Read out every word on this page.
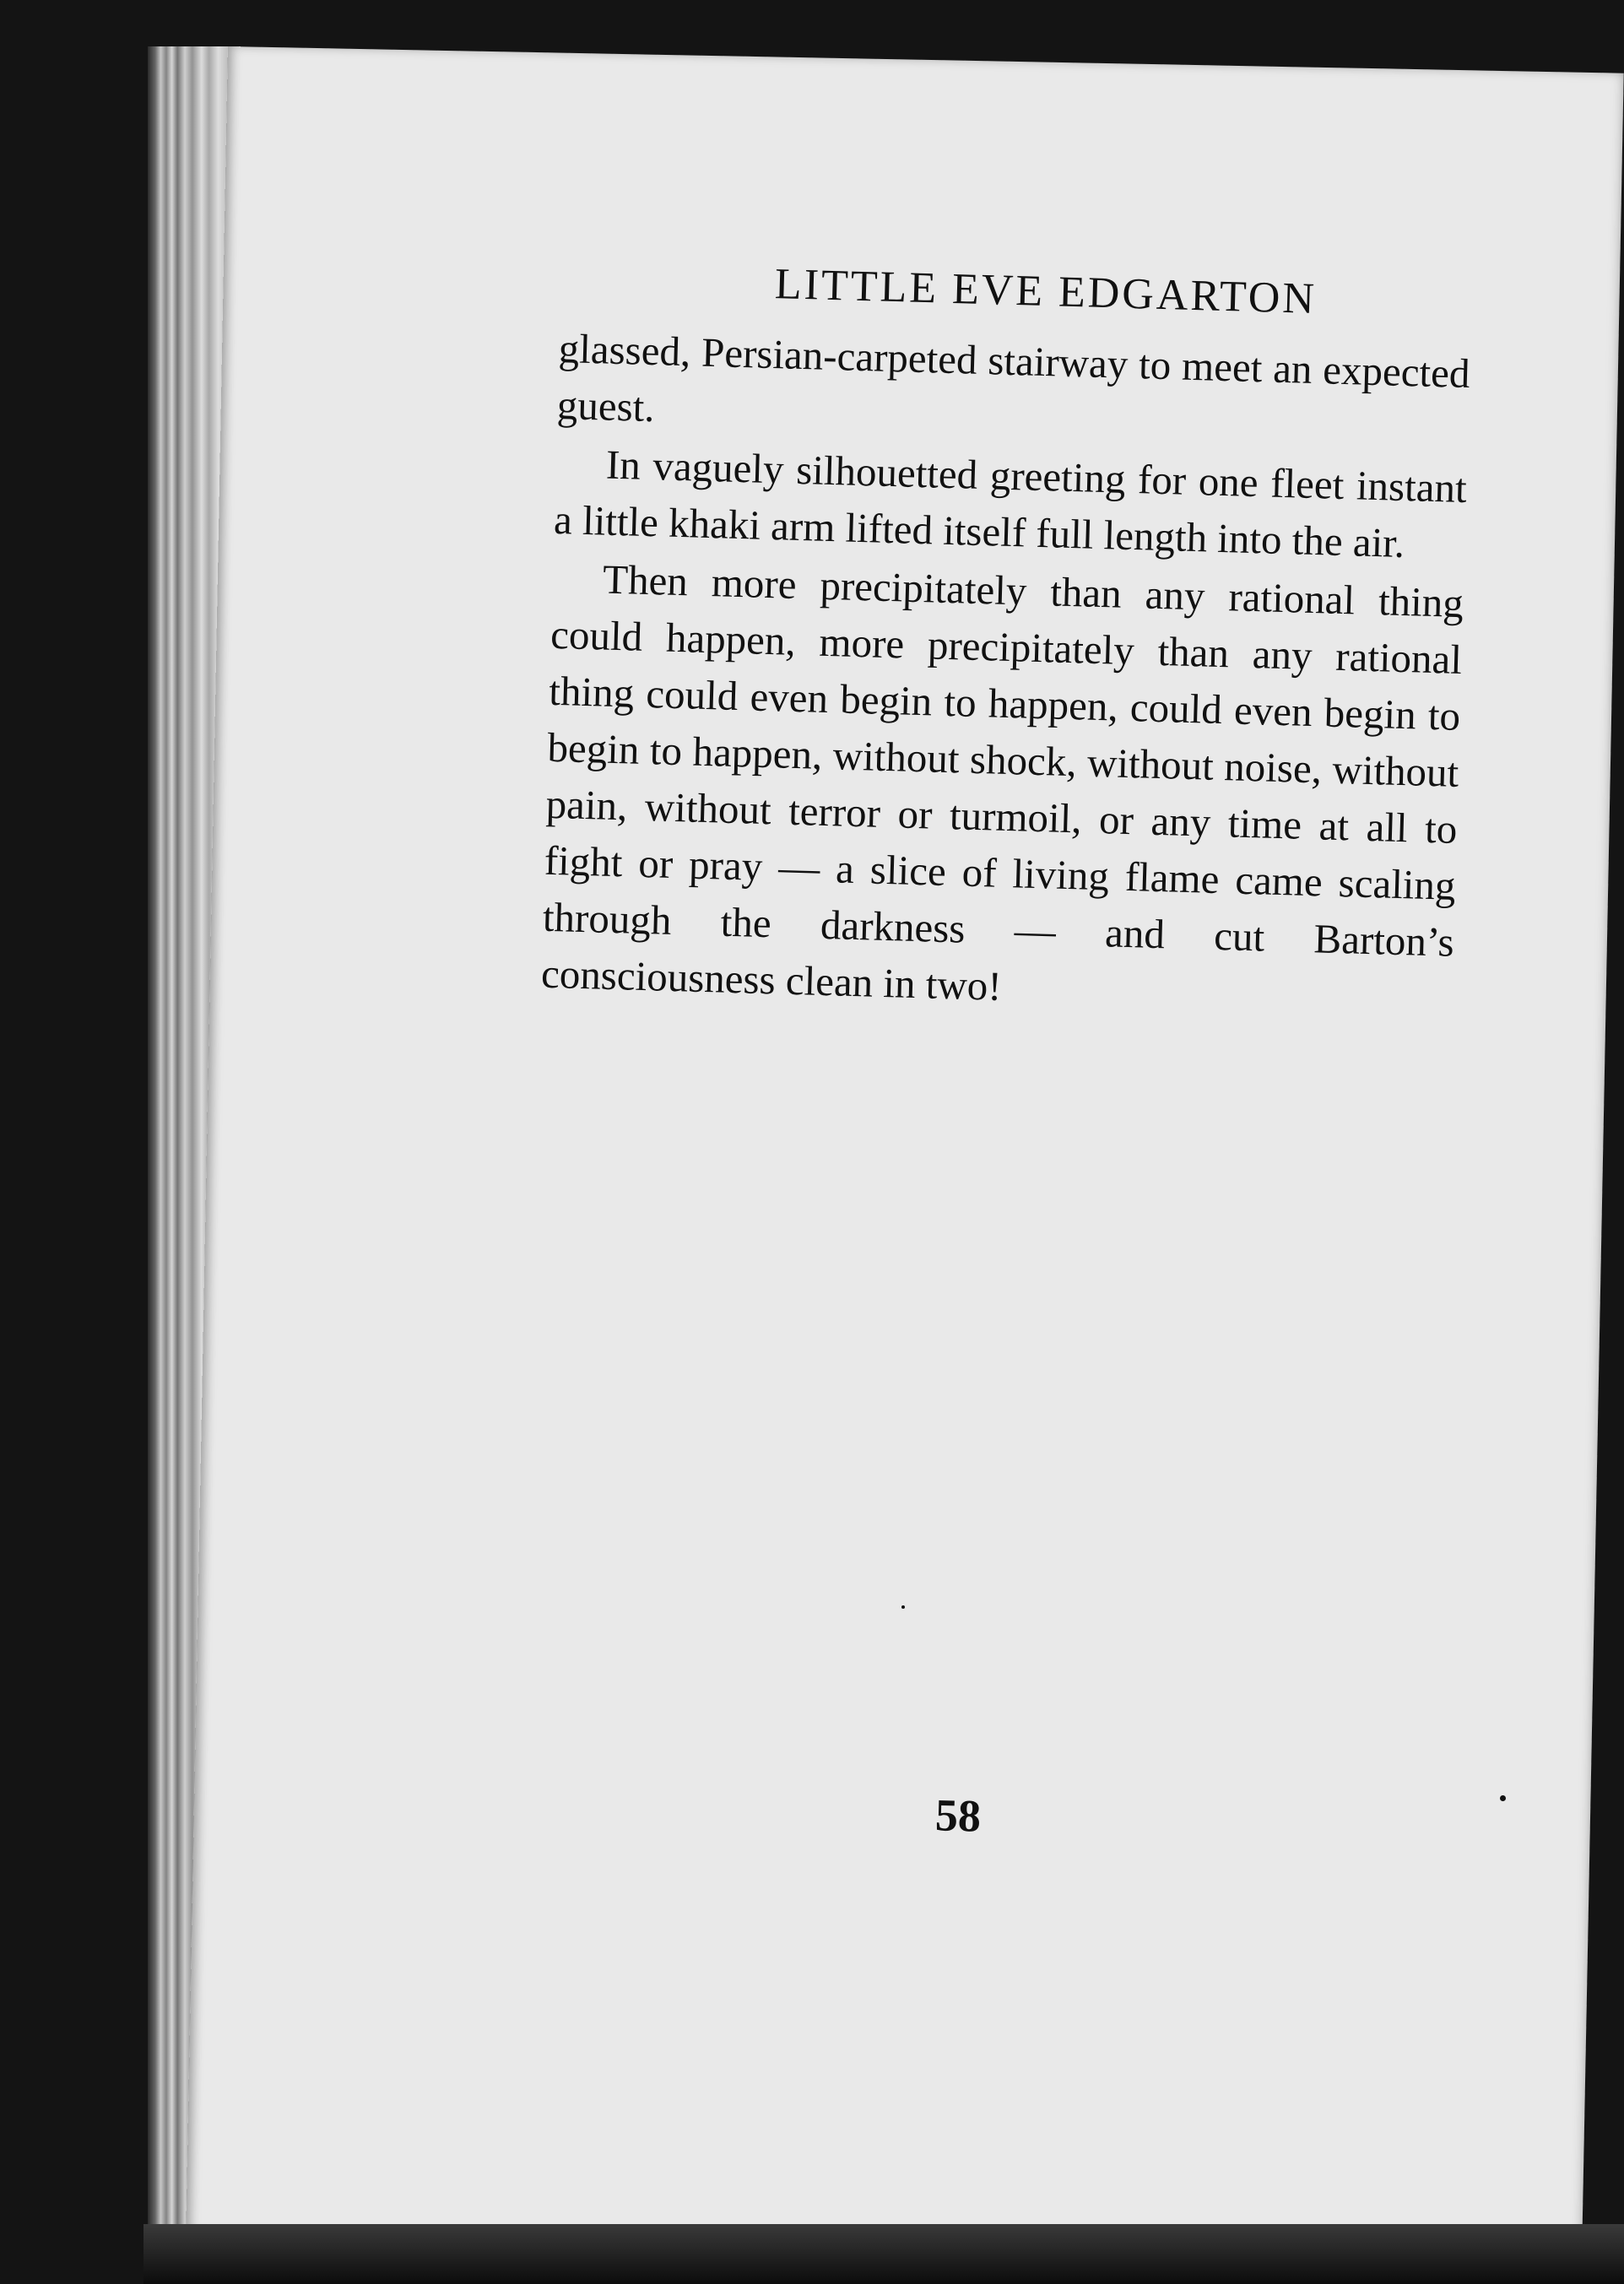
LITTLE EVE EDGARTON

glassed, Persian-carpeted stairway to meet an expected guest.

In vaguely silhouetted greeting for one fleet instant a little khaki arm lifted itself full length into the air.

Then more precipitately than any rational thing could happen, more precipitately than any rational thing could even begin to happen, could even begin to begin to happen, without shock, without noise, without pain, without terror or turmoil, or any time at all to fight or pray — a slice of living flame came scaling through the darkness — and cut Barton’s consciousness clean in two!

58
